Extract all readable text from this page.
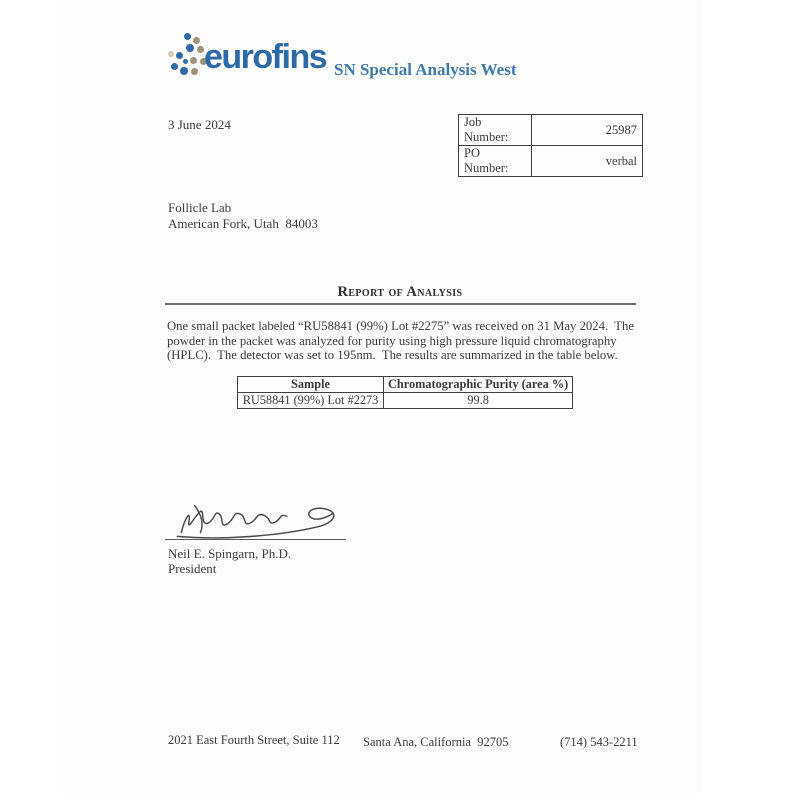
eurofins SN Special Analysis West
3 June 2024	Job Number:	25987
PO Number:	verbal
Follicle Lab
American Fork, Utah  84003
Report of Analysis
One small packet labeled “RU58841 (99%) Lot #2275” was received on 31 May 2024.  The powder in the packet was analyzed for purity using high pressure liquid chromatography (HPLC).  The detector was set to 195nm.  The results are summarized in the table below.
Sample	Chromatographic Purity (area %)
RU58841 (99%) Lot #2273	99.8
Neil E. Spingarn, Ph.D.
President
2021 East Fourth Street, Suite 112 Santa Ana, California  92705	(714) 543-2211
